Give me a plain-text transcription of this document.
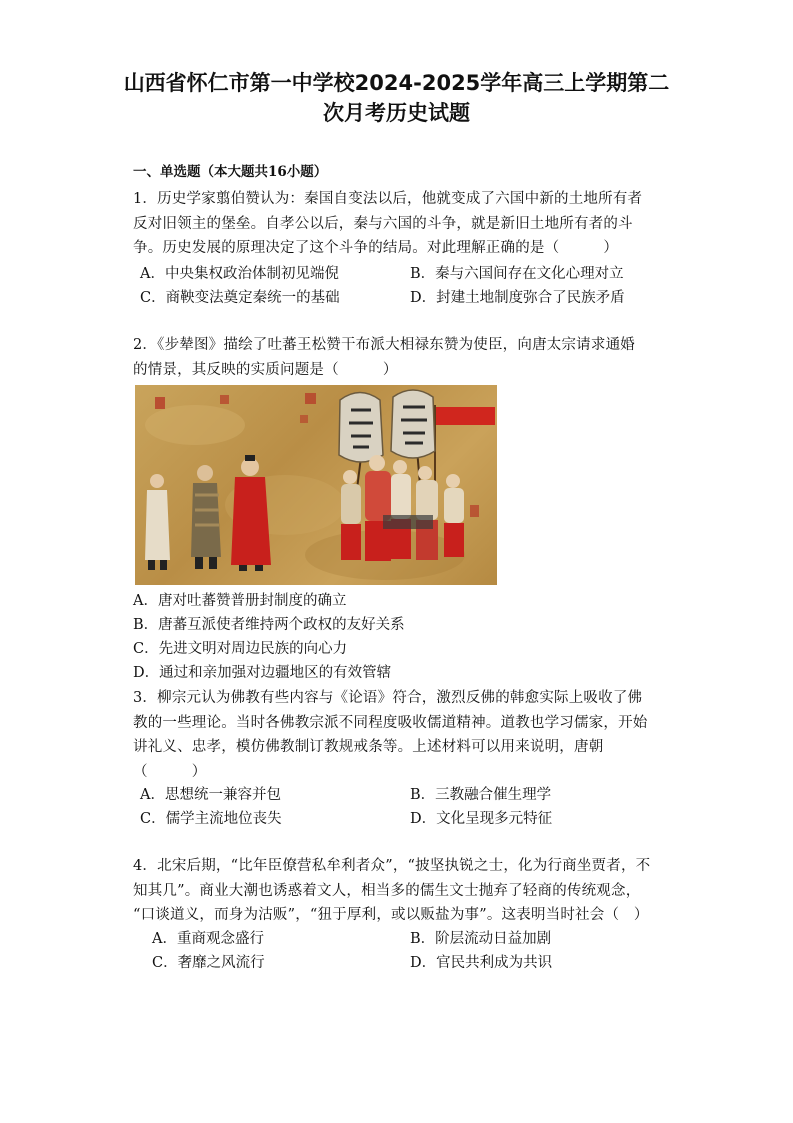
山西省怀仁市第一中学校2024-2025学年高三上学期第二
次月考历史试题
一、单选题（本大题共16小题）
1．历史学家翦伯赞认为：秦国自变法以后，他就变成了六国中新的土地所有者
反对旧领主的堡垒。自孝公以后，秦与六国的斗争，就是新旧土地所有者的斗
争。历史发展的原理决定了这个斗争的结局。对此理解正确的是（　　　）
A．中央集权政治体制初见端倪	B．秦与六国间存在文化心理对立
C．商鞅变法奠定秦统一的基础	D．封建土地制度弥合了民族矛盾
2．《步辇图》描绘了吐蕃王松赞干布派大相禄东赞为使臣，向唐太宗请求通婚
的情景，其反映的实质问题是（　　　）
A．唐对吐蕃赞普册封制度的确立
B．唐蕃互派使者维持两个政权的友好关系
C．先进文明对周边民族的向心力
D．通过和亲加强对边疆地区的有效管辖
3．柳宗元认为佛教有些内容与《论语》符合，激烈反佛的韩愈实际上吸收了佛
教的一些理论。当时各佛教宗派不同程度吸收儒道精神。道教也学习儒家，开始
讲礼义、忠孝，模仿佛教制订教规戒条等。上述材料可以用来说明，唐朝
（　　　）
A．思想统一兼容并包	B．三教融合催生理学
C．儒学主流地位丧失	D．文化呈现多元特征
4．北宋后期，“比年臣僚营私牟利者众”，“披坚执锐之士，化为行商坐贾者，不
知其几”。商业大潮也诱惑着文人，相当多的儒生文士抛弃了轻商的传统观念，
“口谈道义，而身为沽贩”，“狃于厚利，或以贩盐为事”。这表明当时社会（　）
A．重商观念盛行	B．阶层流动日益加剧
C．奢靡之风流行	D．官民共利成为共识
